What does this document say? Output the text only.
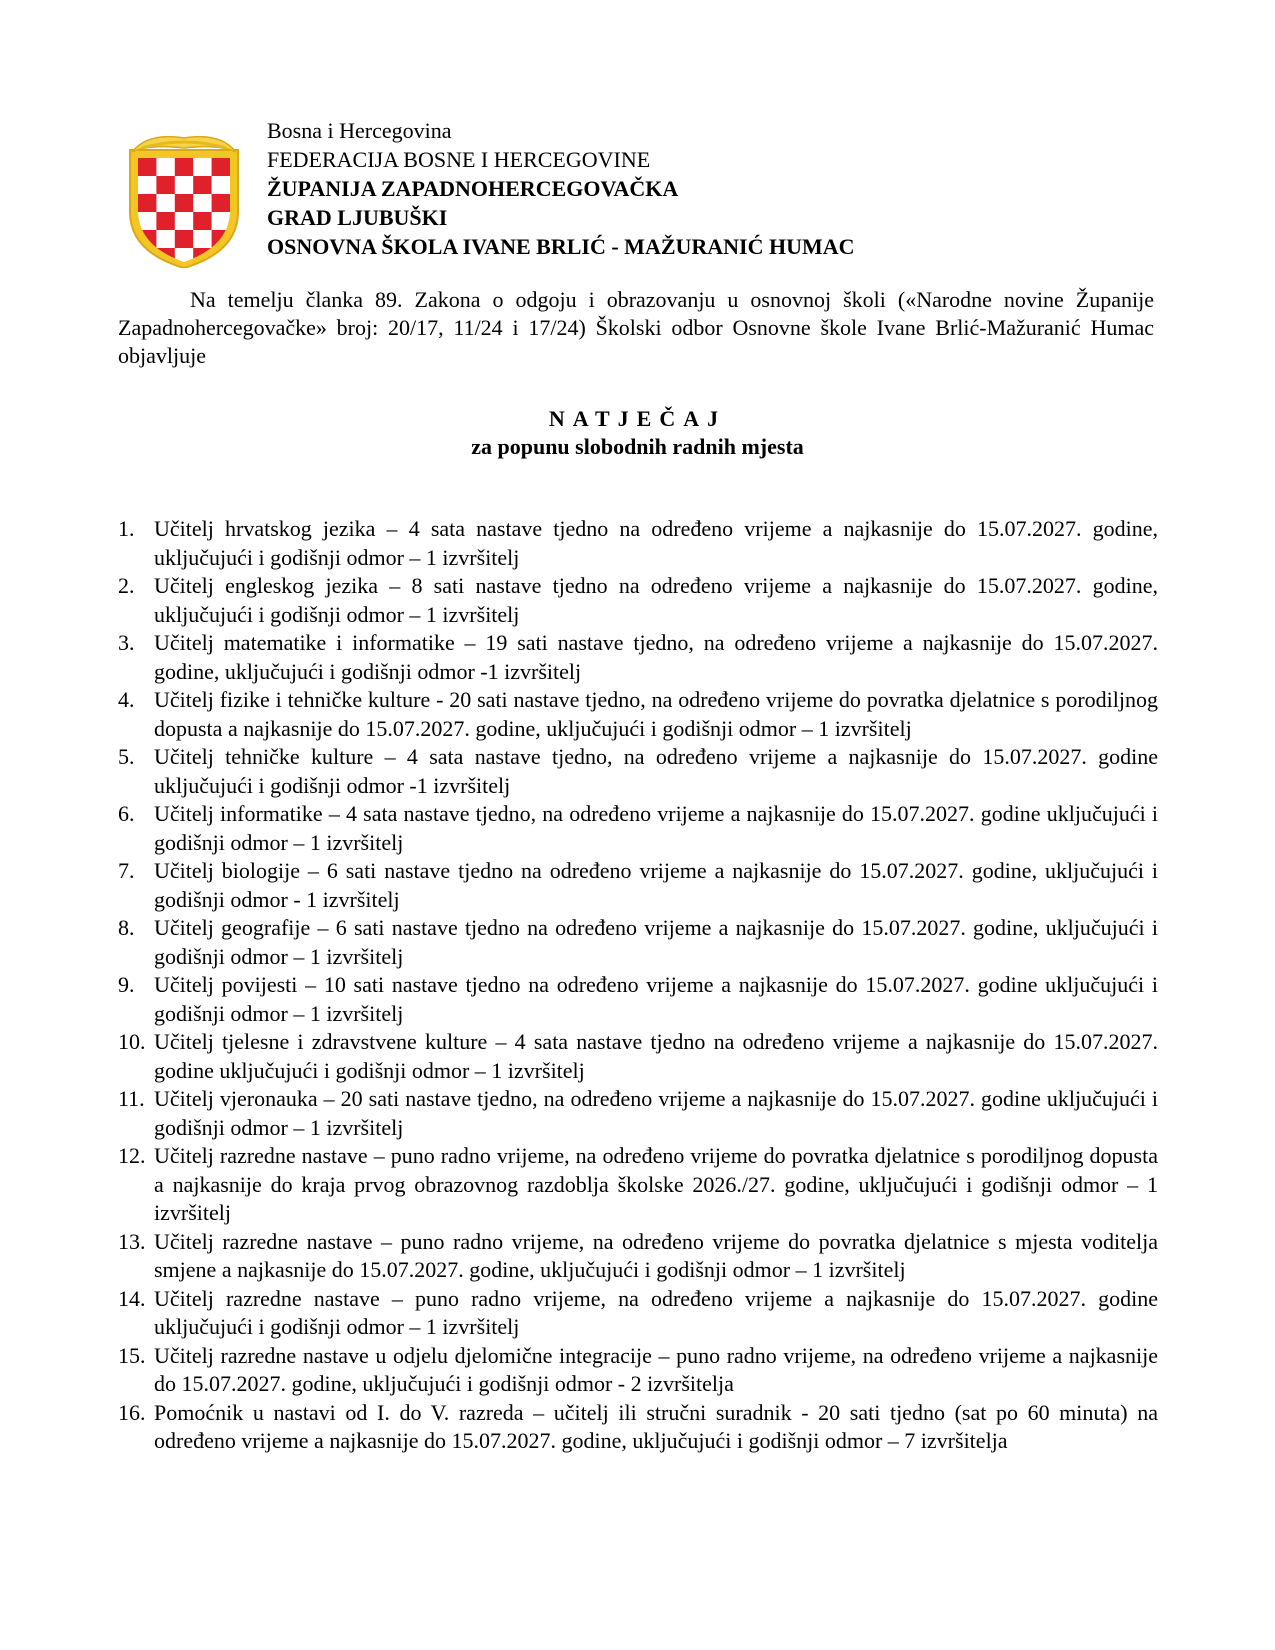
Bosna i Hercegovina
FEDERACIJA BOSNE I HERCEGOVINE
ŽUPANIJA ZAPADNOHERCEGOVAČKA
GRAD LJUBUŠKI
OSNOVNA ŠKOLA IVANE BRLIĆ - MAŽURANIĆ HUMAC
Na temelju članka 89. Zakona o odgoju i obrazovanju u osnovnoj školi («Narodne novine Županije Zapadnohercegovačke» broj: 20/17, 11/24 i 17/24) Školski odbor Osnovne škole Ivane Brlić-Mažuranić Humac objavljuje
NATJEČAJ
za popunu slobodnih radnih mjesta
1. Učitelj hrvatskog jezika – 4 sata nastave tjedno na određeno vrijeme a najkasnije do 15.07.2027. godine, uključujući i godišnji odmor – 1 izvršitelj
2. Učitelj engleskog jezika – 8 sati nastave tjedno na određeno vrijeme a najkasnije do 15.07.2027. godine, uključujući i godišnji odmor – 1 izvršitelj
3. Učitelj matematike i informatike – 19 sati nastave tjedno, na određeno vrijeme a najkasnije do 15.07.2027. godine, uključujući i godišnji odmor -1 izvršitelj
4. Učitelj fizike i tehničke kulture - 20 sati nastave tjedno, na određeno vrijeme do povratka djelatnice s porodiljnog dopusta a najkasnije do 15.07.2027. godine, uključujući i godišnji odmor – 1 izvršitelj
5. Učitelj tehničke kulture – 4 sata nastave tjedno, na određeno vrijeme a najkasnije do 15.07.2027. godine uključujući i godišnji odmor -1 izvršitelj
6. Učitelj informatike – 4 sata nastave tjedno, na određeno vrijeme a najkasnije do 15.07.2027. godine uključujući i godišnji odmor – 1 izvršitelj
7. Učitelj biologije – 6 sati nastave tjedno na određeno vrijeme a najkasnije do 15.07.2027. godine, uključujući i godišnji odmor - 1 izvršitelj
8. Učitelj geografije – 6 sati nastave tjedno na određeno vrijeme a najkasnije do 15.07.2027. godine, uključujući i godišnji odmor – 1 izvršitelj
9. Učitelj povijesti – 10 sati nastave tjedno na određeno vrijeme a najkasnije do 15.07.2027. godine uključujući i godišnji odmor – 1 izvršitelj
10. Učitelj tjelesne i zdravstvene kulture – 4 sata nastave tjedno na određeno vrijeme a najkasnije do 15.07.2027. godine uključujući i godišnji odmor – 1 izvršitelj
11. Učitelj vjeronauka – 20 sati nastave tjedno, na određeno vrijeme a najkasnije do 15.07.2027. godine uključujući i godišnji odmor – 1 izvršitelj
12. Učitelj razredne nastave – puno radno vrijeme, na određeno vrijeme do povratka djelatnice s porodiljnog dopusta a najkasnije do kraja prvog obrazovnog razdoblja školske 2026./27. godine, uključujući i godišnji odmor – 1 izvršitelj
13. Učitelj razredne nastave – puno radno vrijeme, na određeno vrijeme do povratka djelatnice s mjesta voditelja smjene a najkasnije do 15.07.2027. godine, uključujući i godišnji odmor – 1 izvršitelj
14. Učitelj razredne nastave – puno radno vrijeme, na određeno vrijeme a najkasnije do 15.07.2027. godine uključujući i godišnji odmor – 1 izvršitelj
15. Učitelj razredne nastave u odjelu djelomične integracije – puno radno vrijeme, na određeno vrijeme a najkasnije do 15.07.2027. godine, uključujući i godišnji odmor - 2 izvršitelja
16. Pomoćnik u nastavi od I. do V. razreda – učitelj ili stručni suradnik - 20 sati tjedno (sat po 60 minuta) na određeno vrijeme a najkasnije do 15.07.2027. godine, uključujući i godišnji odmor – 7 izvršitelja
